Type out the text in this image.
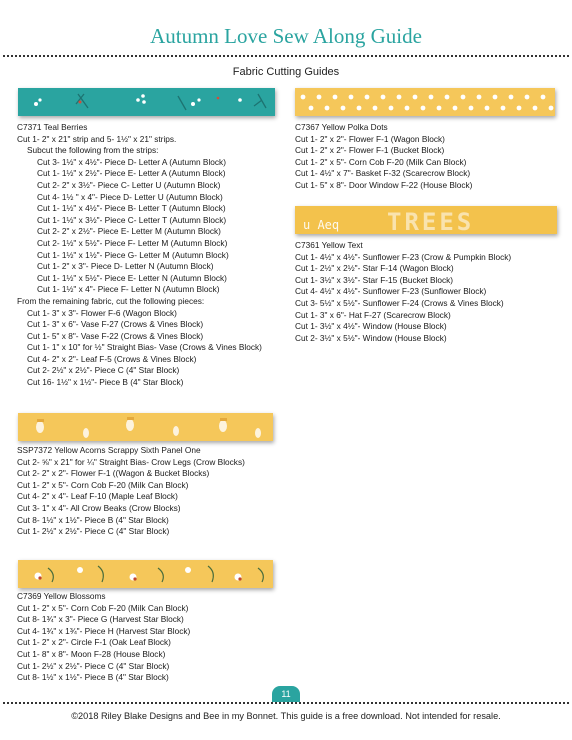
Autumn Love Sew Along Guide
Fabric Cutting Guides
C7371 Teal Berries
Cut 1- 2" x 21" strip and 5- 1½" x 21" strips.
Subcut the following from the strips:
Cut 3- 1½" x 4½"- Piece D- Letter A (Autumn Block)
Cut 1- 1½" x 2½"- Piece E- Letter A (Autumn Block)
Cut 2- 2" x 3½"- Piece C- Letter U (Autumn Block)
Cut 4- 1½ " x 4"- Piece D- Letter U (Autumn Block)
Cut 1- 1½" x 4½"- Piece B- Letter T (Autumn Block)
Cut 1- 1½" x 3½"- Piece C- Letter T (Autumn Block)
Cut 2- 2" x 2½"- Piece E- Letter M (Autumn Block)
Cut 2- 1½" x 5½"- Piece F- Letter M (Autumn Block)
Cut 1- 1½" x 1½"- Piece G- Letter M (Autumn Block)
Cut 1- 2" x 3"- Piece D- Letter N (Autumn Block)
Cut 1- 1½" x 5½"- Piece E- Letter N (Autumn Block)
Cut 1- 1½" x 4"- Piece F- Letter N (Autumn Block)
From the remaining fabric, cut the following pieces:
Cut 1- 3" x 3"- Flower F-6 (Wagon Block)
Cut 1- 3" x 6"- Vase F-27 (Crows & Vines Block)
Cut 1- 5" x 8"- Vase F-22 (Crows & Vines Block)
Cut 1- 1" x 10" for ½" Straight Bias- Vase (Crows & Vines Block)
Cut 4- 2" x 2"- Leaf F-5 (Crows & Vines Block)
Cut 2- 2½" x 2½"- Piece C (4" Star Block)
Cut 16- 1½" x 1½"- Piece B (4" Star Block)
SSP7372 Yellow Acorns Scrappy Sixth Panel One
Cut 2- ⅝" x 21" for ¼" Straight Bias- Crow Legs (Crow Blocks)
Cut 2- 2" x 2"- Flower F-1 ((Wagon & Bucket Blocks)
Cut 1- 2" x 5"- Corn Cob F-20 (Milk Can Block)
Cut 4- 2" x 4"- Leaf F-10 (Maple Leaf Block)
Cut 3- 1" x 4"- All Crow Beaks (Crow Blocks)
Cut 8- 1½" x 1½"- Piece B (4" Star Block)
Cut 1- 2½" x 2½"- Piece C (4" Star Block)
C7369 Yellow Blossoms
Cut 1- 2" x 5"- Corn Cob F-20 (Milk Can Block)
Cut 8- 1¾" x 3"- Piece G (Harvest Star Block)
Cut 4- 1¾" x 1¾"- Piece H (Harvest Star Block)
Cut 1- 2" x 2"- Circle F-1 (Oak Leaf Block)
Cut 1- 8" x 8"- Moon F-28 (House Block)
Cut 1- 2½" x 2½"- Piece C (4" Star Block)
Cut 8- 1½" x 1½"- Piece B (4" Star Block)
C7367 Yellow Polka Dots
Cut 1- 2" x 2"- Flower F-1 (Wagon Block)
Cut 1- 2" x 2"- Flower F-1 (Bucket Block)
Cut 1- 2" x 5"- Corn Cob F-20 (Milk Can Block)
Cut 1- 4½" x 7"- Basket F-32 (Scarecrow Block)
Cut 1- 5" x 8"- Door Window F-22 (House Block)
u Aeq TREES
C7361 Yellow Text
Cut 1- 4½" x 4½"- Sunflower F-23 (Crow & Pumpkin Block)
Cut 1- 2½" x 2½"- Star F-14 (Wagon Block)
Cut 1- 3½" x 3½"- Star F-15 (Bucket Block)
Cut 4- 4½" x 4½"- Sunflower F-23 (Sunflower Block)
Cut 3- 5½" x 5½"- Sunflower F-24 (Crows & Vines Block)
Cut 1- 3" x 6"- Hat F-27 (Scarecrow Block)
Cut 1- 3½" x 4½"- Window (House Block)
Cut 2- 3½" x 5½"- Window (House Block)
11
©2018 Riley Blake Designs and Bee in my Bonnet. This guide is a free download. Not intended for resale.
